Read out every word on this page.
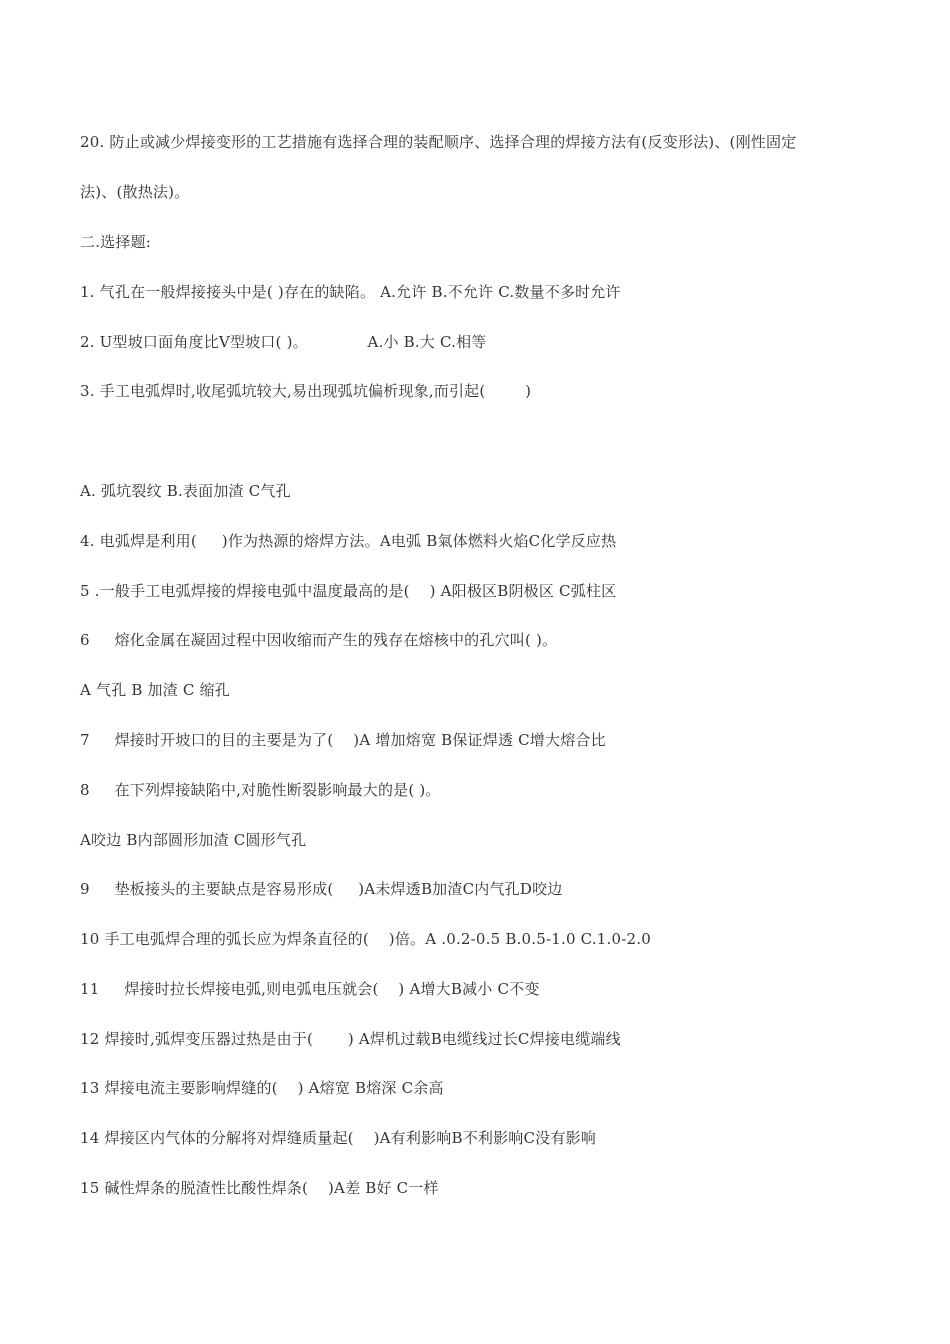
20. 防止或减少焊接变形的工艺措施有选择合理的装配顺序、选择合理的焊接方法有(反变形法)、(刚性固定
法)、(散热法)。
二.选择题:
1. 气孔在一般焊接接头中是( )存在的缺陷。 A.允许 B.不允许 C.数量不多时允许
2. U型坡口面角度比V型坡口( )。            A.小 B.大 C.相等
3. 手工电弧焊时,收尾弧坑较大,易出现弧坑偏析现象,而引起(        )
A. 弧坑裂纹 B.表面加渣 C气孔
4. 电弧焊是利用(     )作为热源的熔焊方法。A电弧 B氣体燃料火焰C化学反应热
5 .一般手工电弧焊接的焊接电弧中温度最高的是(    ) A阳极区B阴极区 C弧柱区
6     熔化金属在凝固过程中因收缩而产生的残存在熔核中的孔穴叫( )。
A 气孔 B 加渣 C 缩孔
7     焊接时开坡口的目的主要是为了(    )A 增加熔宽 B保证焊透 C增大熔合比
8     在下列焊接缺陷中,对脆性断裂影响最大的是( )。
A咬边 B内部圆形加渣 C圆形气孔
9     垫板接头的主要缺点是容易形成(     )A未焊透B加渣C内气孔D咬边
10 手工电弧焊合理的弧长应为焊条直径的(    )倍。A .0.2-0.5 B.0.5-1.0 C.1.0-2.0
11     焊接时拉长焊接电弧,则电弧电压就会(    ) A增大B减小 C不变
12 焊接时,弧焊变压器过热是由于(       ) A焊机过载B电缆线过长C焊接电缆端线
13 焊接电流主要影响焊缝的(    ) A熔宽 B熔深 C余高
14 焊接区内气体的分解将对焊缝质量起(    )A有利影响B不利影响C没有影响
15 碱性焊条的脱渣性比酸性焊条(    )A差 B好 C一样
